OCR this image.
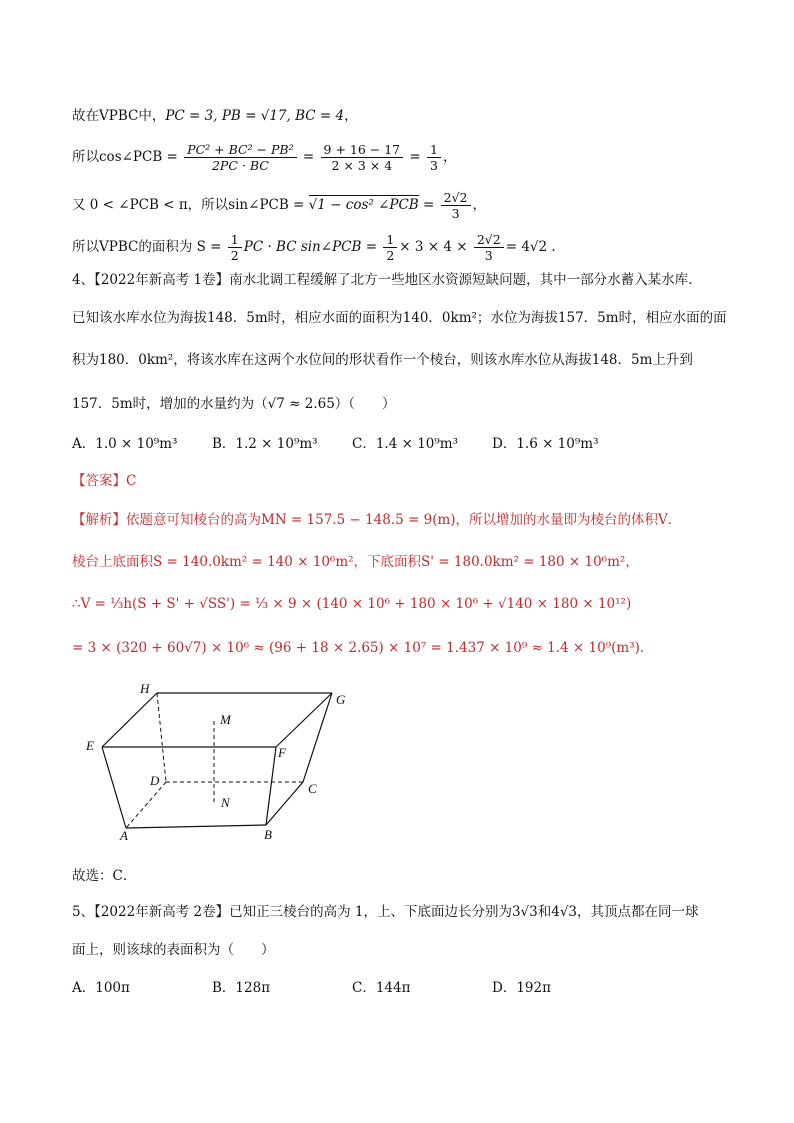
故在VPBC中，PC = 3, PB = √17, BC = 4，
所以cos∠PCB = $\frac{\text{PC² + BC² − PB²}}{2PC \cdot BC} = \frac{9 + 16 - 17}{2 \times 3 \times 4} = \frac{1}{3}$ ，
又 0 < ∠PCB < π，所以sin∠PCB = √1 − cos² ∠PCB = $\frac{2√2}{3}$ ，
所以VPBC的面积为 $S = \frac{1}{2}$ PC · BC sin∠PCB = $\frac{1}{2} \times 3 \times 4 \times \frac{2√2}{3} = 4√2$ .
4、【2022年新高考 1卷】南水北调工程缓解了北方一些地区水资源短缺问题，其中一部分水蓄入某水库.
已知该水库水位为海拔148．5m时，相应水面的面积为140．0km²；水位为海拔157．5m时，相应水面的面
积为180．0km²，将该水库在这两个水位间的形状看作一个棱台，则该水库水位从海拔148．5m上升到
157．5m时，增加的水量约为（√7 ≈ 2.65）（　　）
A．1.0 × 10⁹m³	B．1.2 × 10⁹m³	C．1.4 × 10⁹m³	D．1.6 × 10⁹m³
【答案】C
【解析】依题意可知棱台的高为MN = 157.5 − 148.5 = 9(m)，所以增加的水量即为棱台的体积V．
棱台上底面积S = 140.0km² = 140 × 10⁶m²，下底面积S' = 180.0km² = 180 × 10⁶m²，
∴V = ⅓h(S + S' + √SS') = ⅓ × 9 × (140 × 10⁶ + 180 × 10⁶ + √140 × 180 × 10¹²)
= 3 × (320 + 60√7) × 10⁶ ≈ (96 + 18 × 2.65) × 10⁷ = 1.437 × 10⁹ ≈ 1.4 × 10⁹(m³).
H
G
M
E	F
D
C
N
A	B
故选：C．
5、【2022年新高考 2卷】已知正三棱台的高为 1，上、下底面边长分别为3√3和4√3，其顶点都在同一球
面上，则该球的表面积为（　　）
A．100π	B．128π	C．144π	D．192π
